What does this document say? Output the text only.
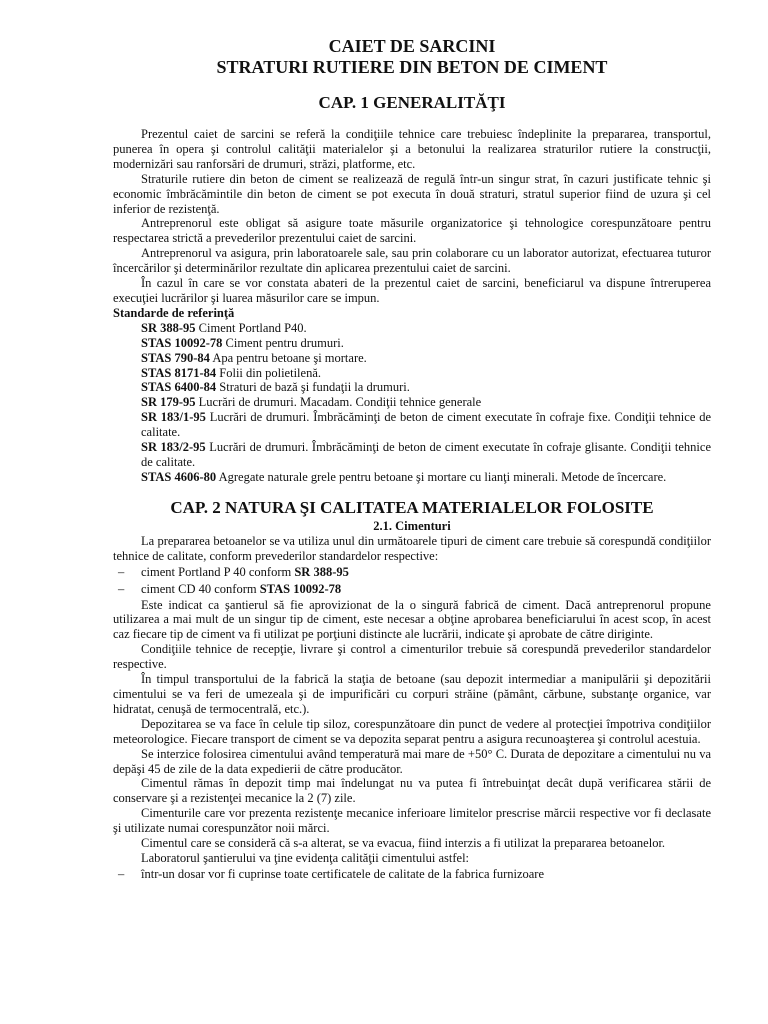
CAIET DE SARCINI
STRATURI RUTIERE DIN BETON DE CIMENT
CAP. 1 GENERALITĂŢI

Prezentul caiet de sarcini se referă la condiţiile tehnice care trebuiesc îndeplinite la prepararea, transportul, punerea în opera şi controlul calităţii materialelor şi a betonului la realizarea straturilor rutiere la construcţii, modernizări sau ranforsări de drumuri, străzi, platforme, etc.

Straturile rutiere din beton de ciment se realizează de regulă într-un singur strat, în cazuri justificate tehnic şi economic îmbrăcămintile din beton de ciment se pot executa în două straturi, stratul superior fiind de uzura şi cel inferior de rezistenţă.

Antreprenorul este obligat să asigure toate măsurile organizatorice şi tehnologice corespunzătoare pentru respectarea strictă a prevederilor prezentului caiet de sarcini.

Antreprenorul va asigura, prin laboratoarele sale, sau prin colaborare cu un laborator autorizat, efectuarea tuturor încercărilor şi determinărilor rezultate din aplicarea prezentului caiet de sarcini.

În cazul în care se vor constata abateri de la prezentul caiet de sarcini, beneficiarul va dispune întreruperea execuţiei lucrărilor şi luarea măsurilor care se impun.

Standarde de referinţă
SR 388-95 Ciment Portland P40.
STAS 10092-78 Ciment pentru drumuri.
STAS 790-84 Apa pentru betoane şi mortare.
STAS 8171-84 Folii din polietilenă.
STAS 6400-84 Straturi de bază şi fundaţii la drumuri.
SR 179-95 Lucrări de drumuri. Macadam. Condiţii tehnice generale
SR 183/1-95 Lucrări de drumuri. Îmbrăcăminţi de beton de ciment executate în cofraje fixe. Condiţii tehnice de calitate.
SR 183/2-95 Lucrări de drumuri. Îmbrăcăminţi de beton de ciment executate în cofraje glisante. Condiţii tehnice de calitate.
STAS 4606-80 Agregate naturale grele pentru betoane şi mortare cu lianţi minerali. Metode de încercare.
CAP. 2 NATURA ŞI CALITATEA MATERIALELOR FOLOSITE
2.1. Cimenturi

La prepararea betoanelor se va utiliza unul din următoarele tipuri de ciment care trebuie să corespundă condiţiilor tehnice de calitate, conform prevederilor standardelor respective:

– ciment Portland P 40 conform SR 388-95
– ciment CD 40 conform STAS 10092-78

Este indicat ca şantierul să fie aprovizionat de la o singură fabrică de ciment. Dacă antreprenorul propune utilizarea a mai mult de un singur tip de ciment, este necesar a obţine aprobarea beneficiarului în acest scop, în acest caz fiecare tip de ciment va fi utilizat pe porţiuni distincte ale lucrării, indicate şi aprobate de către diriginte.

Condiţiile tehnice de recepţie, livrare şi control a cimenturilor trebuie să corespundă prevederilor standardelor respective.

În timpul transportului de la fabrică la staţia de betoane (sau depozit intermediar a manipulării şi depozitării cimentului se va feri de umezeala şi de impurificări cu corpuri străine (pământ, cărbune, substanţe organice, var hidratat, cenuşă de termocentrală, etc.).

Depozitarea se va face în celule tip siloz, corespunzătoare din punct de vedere al protecţiei împotriva condiţiilor meteorologice. Fiecare transport de ciment se va depozita separat pentru a asigura recunoaşterea şi controlul acestuia.

Se interzice folosirea cimentului având temperatură mai mare de +50° C. Durata de depozitare a cimentului nu va depăşi 45 de zile de la data expedierii de către producător.

Cimentul rămas în depozit timp mai îndelungat nu va putea fi întrebuinţat decât după verificarea stării de conservare şi a rezistenţei mecanice la 2 (7) zile.

Cimenturile care vor prezenta rezistenţe mecanice inferioare limitelor prescrise mărcii respective vor fi declasate şi utilizate numai corespunzător noii mărci.

Cimentul care se consideră că s-a alterat, se va evacua, fiind interzis a fi utilizat la prepararea betoanelor.

Laboratorul şantierului va ţine evidenţa calităţii cimentului astfel:

– într-un dosar vor fi cuprinse toate certificatele de calitate de la fabrica furnizoare
